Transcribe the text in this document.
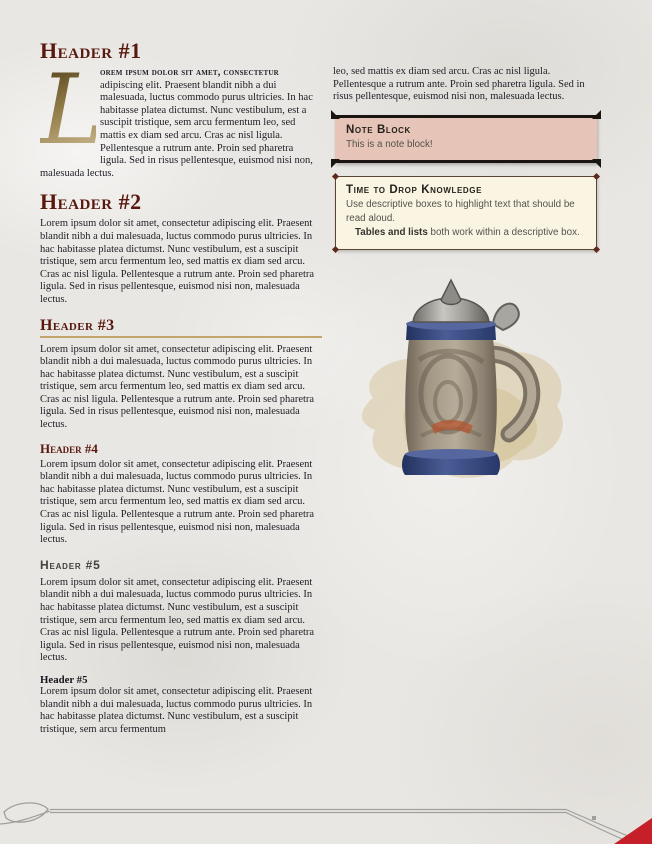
Header #1

L
orem ipsum dolor sit amet, consectetur adipiscing elit. Praesent blandit nibh a dui malesuada, luctus commodo purus ultricies. In hac habitasse platea dictumst. Nunc vestibulum, est a suscipit tristique, sem arcu fermentum leo, sed mattis ex diam sed arcu. Cras ac nisl ligula. Pellentesque a rutrum ante. Proin sed pharetra ligula. Sed in risus pellentesque, euismod nisi non, malesuada lectus.

Header #2

Lorem ipsum dolor sit amet, consectetur adipiscing elit. Praesent blandit nibh a dui malesuada, luctus commodo purus ultricies. In hac habitasse platea dictumst. Nunc vestibulum, est a suscipit tristique, sem arcu fermentum leo, sed mattis ex diam sed arcu. Cras ac nisl ligula. Pellentesque a rutrum ante. Proin sed pharetra ligula. Sed in risus pellentesque, euismod nisi non, malesuada lectus.

Header #3

Lorem ipsum dolor sit amet, consectetur adipiscing elit. Praesent blandit nibh a dui malesuada, luctus commodo purus ultricies. In hac habitasse platea dictumst. Nunc vestibulum, est a suscipit tristique, sem arcu fermentum leo, sed mattis ex diam sed arcu. Cras ac nisl ligula. Pellentesque a rutrum ante. Proin sed pharetra ligula. Sed in risus pellentesque, euismod nisi non, malesuada lectus.

Header #4

Lorem ipsum dolor sit amet, consectetur adipiscing elit. Praesent blandit nibh a dui malesuada, luctus commodo purus ultricies. In hac habitasse platea dictumst. Nunc vestibulum, est a suscipit tristique, sem arcu fermentum leo, sed mattis ex diam sed arcu. Cras ac nisl ligula. Pellentesque a rutrum ante. Proin sed pharetra ligula. Sed in risus pellentesque, euismod nisi non, malesuada lectus.

Header #5

Lorem ipsum dolor sit amet, consectetur adipiscing elit. Praesent blandit nibh a dui malesuada, luctus commodo purus ultricies. In hac habitasse platea dictumst. Nunc vestibulum, est a suscipit tristique, sem arcu fermentum leo, sed mattis ex diam sed arcu. Cras ac nisl ligula. Pellentesque a rutrum ante. Proin sed pharetra ligula. Sed in risus pellentesque, euismod nisi non, malesuada lectus.

Header #5

Lorem ipsum dolor sit amet, consectetur adipiscing elit. Praesent blandit nibh a dui malesuada, luctus commodo purus ultricies. In hac habitasse platea dictumst. Nunc vestibulum, est a suscipit tristique, sem arcu fermentum

leo, sed mattis ex diam sed arcu. Cras ac nisl ligula. Pellentesque a rutrum ante. Proin sed pharetra ligula. Sed in risus pellentesque, euismod nisi non, malesuada lectus.

Note Block
This is a note block!
Time to Drop Knowledge
Use descriptive boxes to highlight text that should be read aloud.
Tables and lists both work within a descriptive box.
